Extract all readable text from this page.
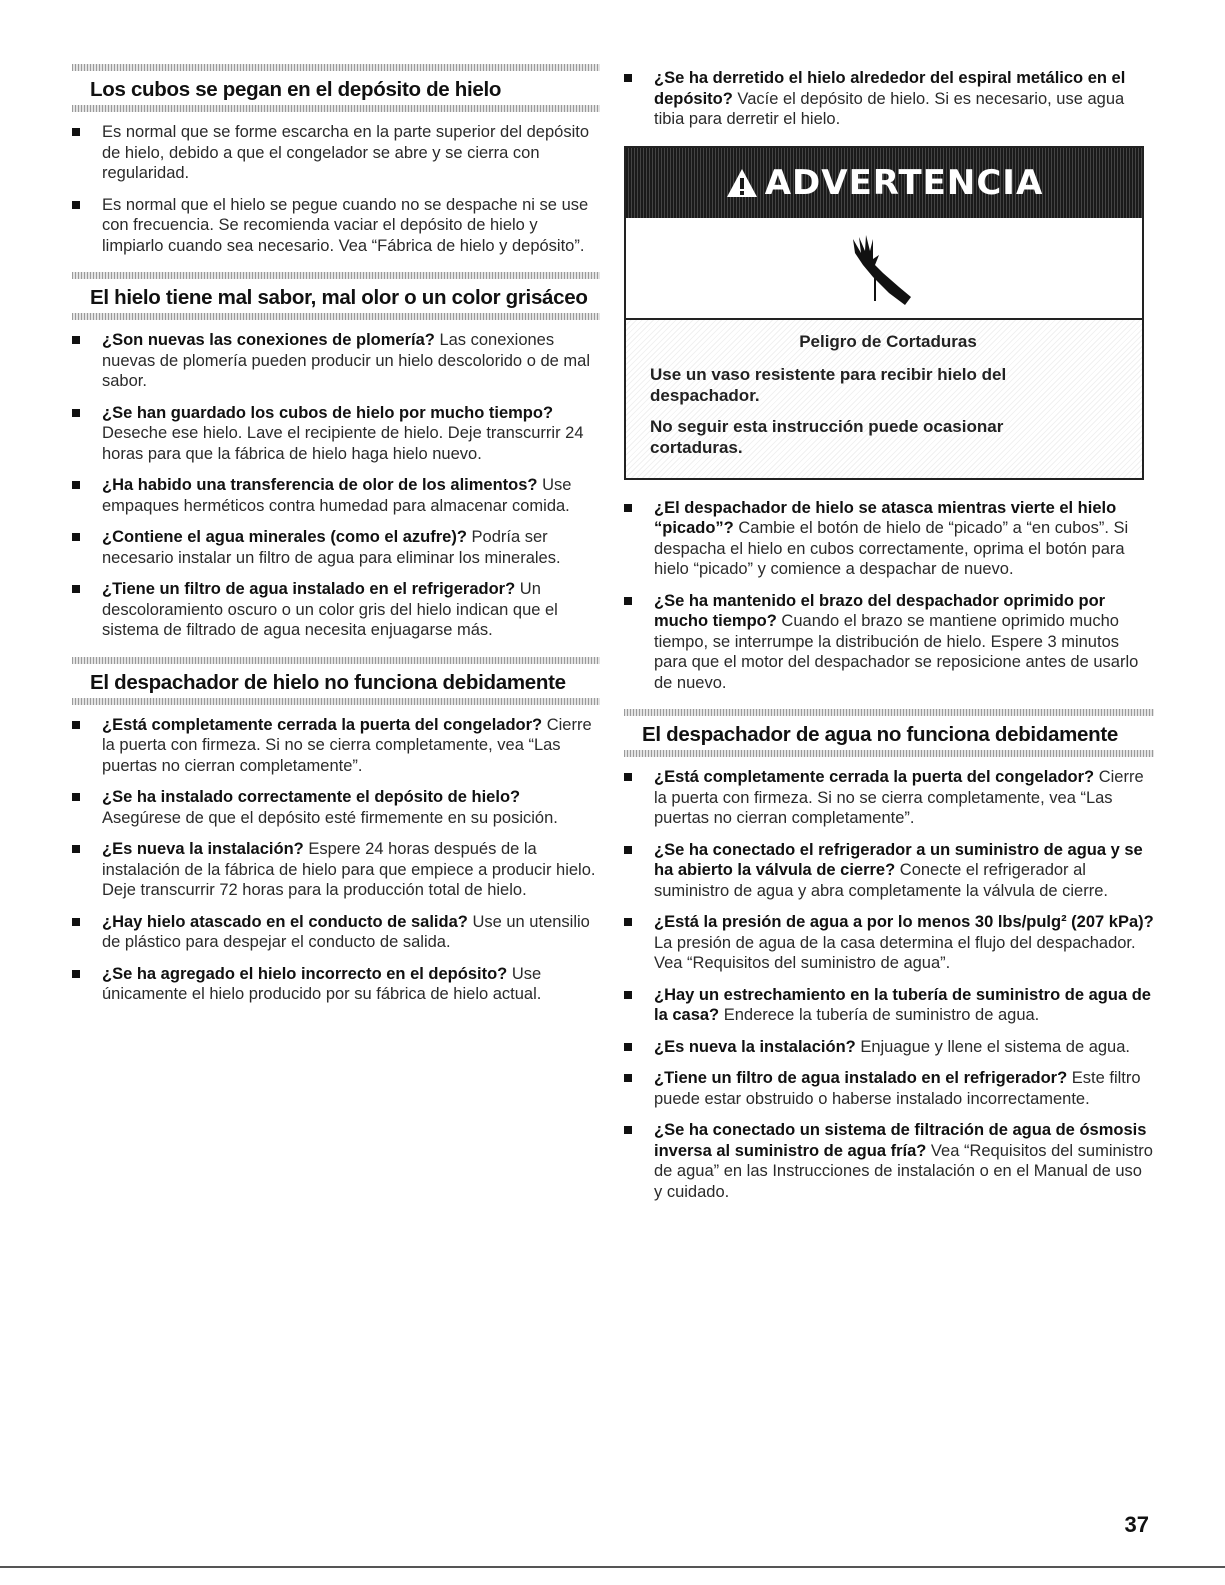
Los cubos se pegan en el depósito de hielo
Es normal que se forme escarcha en la parte superior del depósito de hielo, debido a que el congelador se abre y se cierra con regularidad.
Es normal que el hielo se pegue cuando no se despache ni se use con frecuencia. Se recomienda vaciar el depósito de hielo y limpiarlo cuando sea necesario. Vea “Fábrica de hielo y depósito”.
El hielo tiene mal sabor, mal olor o un color grisáceo
¿Son nuevas las conexiones de plomería? Las conexiones nuevas de plomería pueden producir un hielo descolorido o de mal sabor.
¿Se han guardado los cubos de hielo por mucho tiempo? Deseche ese hielo. Lave el recipiente de hielo. Deje transcurrir 24 horas para que la fábrica de hielo haga hielo nuevo.
¿Ha habido una transferencia de olor de los alimentos? Use empaques herméticos contra humedad para almacenar comida.
¿Contiene el agua minerales (como el azufre)? Podría ser necesario instalar un filtro de agua para eliminar los minerales.
¿Tiene un filtro de agua instalado en el refrigerador? Un descoloramiento oscuro o un color gris del hielo indican que el sistema de filtrado de agua necesita enjuagarse más.
El despachador de hielo no funciona debidamente
¿Está completamente cerrada la puerta del congelador? Cierre la puerta con firmeza. Si no se cierra completamente, vea “Las puertas no cierran completamente”.
¿Se ha instalado correctamente el depósito de hielo? Asegúrese de que el depósito esté firmemente en su posición.
¿Es nueva la instalación? Espere 24 horas después de la instalación de la fábrica de hielo para que empiece a producir hielo. Deje transcurrir 72 horas para la producción total de hielo.
¿Hay hielo atascado en el conducto de salida? Use un utensilio de plástico para despejar el conducto de salida.
¿Se ha agregado el hielo incorrecto en el depósito? Use únicamente el hielo producido por su fábrica de hielo actual.
¿Se ha derretido el hielo alrededor del espiral metálico en el depósito? Vacíe el depósito de hielo. Si es necesario, use agua tibia para derretir el hielo.
ADVERTENCIA

Peligro de Cortaduras

Use un vaso resistente para recibir hielo del despachador.

No seguir esta instrucción puede ocasionar cortaduras.

¿El despachador de hielo se atasca mientras vierte el hielo “picado”? Cambie el botón de hielo de “picado” a “en cubos”. Si despacha el hielo en cubos correctamente, oprima el botón para hielo “picado” y comience a despachar de nuevo.
¿Se ha mantenido el brazo del despachador oprimido por mucho tiempo? Cuando el brazo se mantiene oprimido mucho tiempo, se interrumpe la distribución de hielo. Espere 3 minutos para que el motor del despachador se reposicione antes de usarlo de nuevo.
El despachador de agua no funciona debidamente
¿Está completamente cerrada la puerta del congelador? Cierre la puerta con firmeza. Si no se cierra completamente, vea “Las puertas no cierran completamente”.
¿Se ha conectado el refrigerador a un suministro de agua y se ha abierto la válvula de cierre? Conecte el refrigerador al suministro de agua y abra completamente la válvula de cierre.
¿Está la presión de agua a por lo menos 30 lbs/pulg² (207 kPa)? La presión de agua de la casa determina el flujo del despachador. Vea “Requisitos del suministro de agua”.
¿Hay un estrechamiento en la tubería de suministro de agua de la casa? Enderece la tubería de suministro de agua.
¿Es nueva la instalación? Enjuague y llene el sistema de agua.
¿Tiene un filtro de agua instalado en el refrigerador? Este filtro puede estar obstruido o haberse instalado incorrectamente.
¿Se ha conectado un sistema de filtración de agua de ósmosis inversa al suministro de agua fría? Vea “Requisitos del suministro de agua” en las Instrucciones de instalación o en el Manual de uso y cuidado.
37
